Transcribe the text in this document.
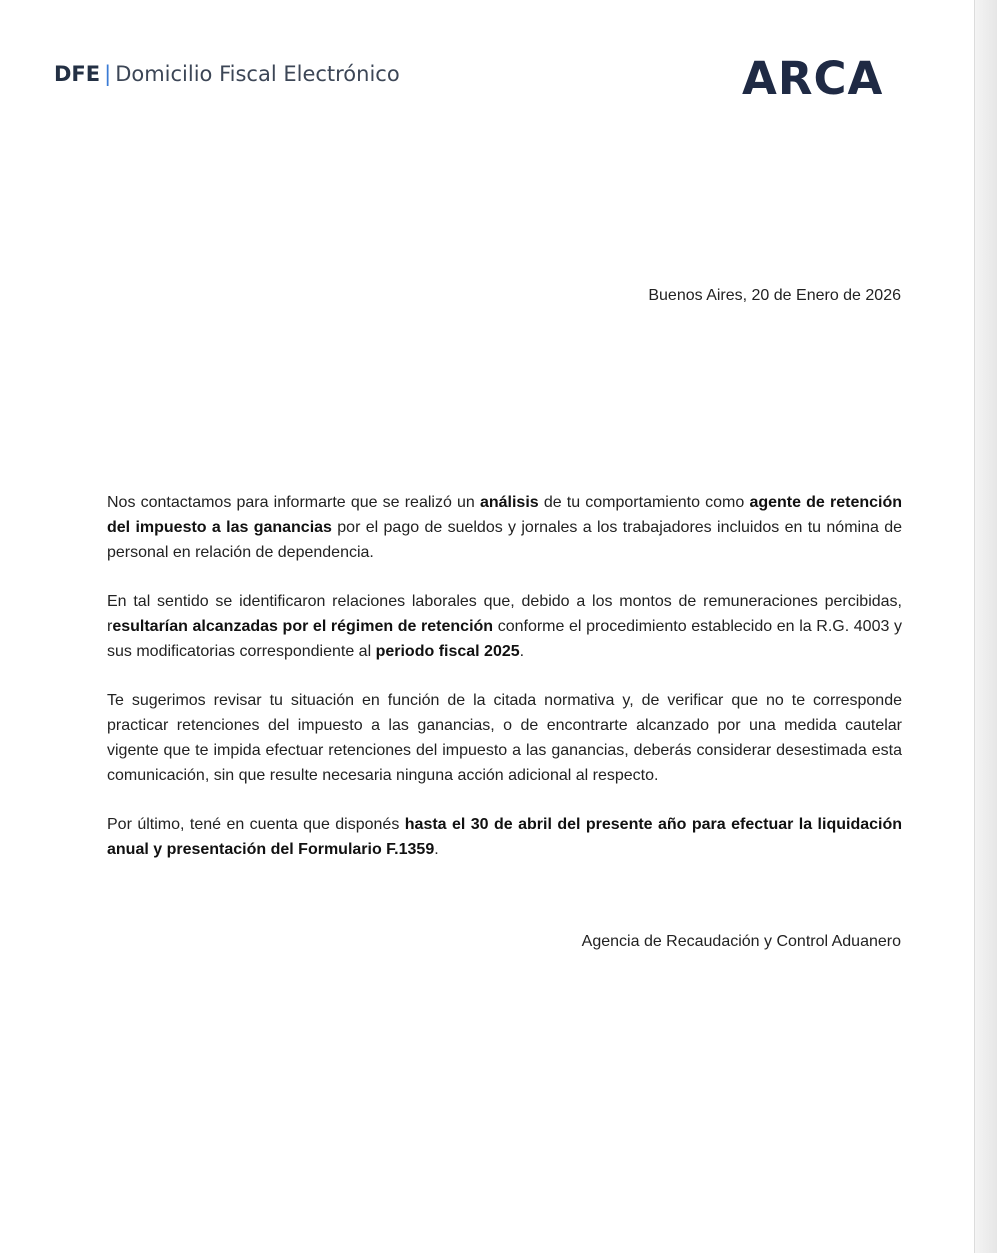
DFE | Domicilio Fiscal Electrónico	ARCA
Buenos Aires, 20 de Enero de 2026

Nos contactamos para informarte que se realizó un análisis de tu comportamiento como agente de retención del impuesto a las ganancias por el pago de sueldos y jornales a los trabajadores incluidos en tu nómina de personal en relación de dependencia.

En tal sentido se identificaron relaciones laborales que, debido a los montos de remuneraciones percibidas, resultarían alcanzadas por el régimen de retención conforme el procedimiento establecido en la R.G. 4003 y sus modificatorias correspondiente al periodo fiscal 2025.

Te sugerimos revisar tu situación en función de la citada normativa y, de verificar que no te corresponde practicar retenciones del impuesto a las ganancias, o de encontrarte alcanzado por una medida cautelar vigente que te impida efectuar retenciones del impuesto a las ganancias, deberás considerar desestimada esta comunicación, sin que resulte necesaria ninguna acción adicional al respecto.

Por último, tené en cuenta que disponés hasta el 30 de abril del presente año para efectuar la liquidación anual y presentación del Formulario F.1359.

Agencia de Recaudación y Control Aduanero
